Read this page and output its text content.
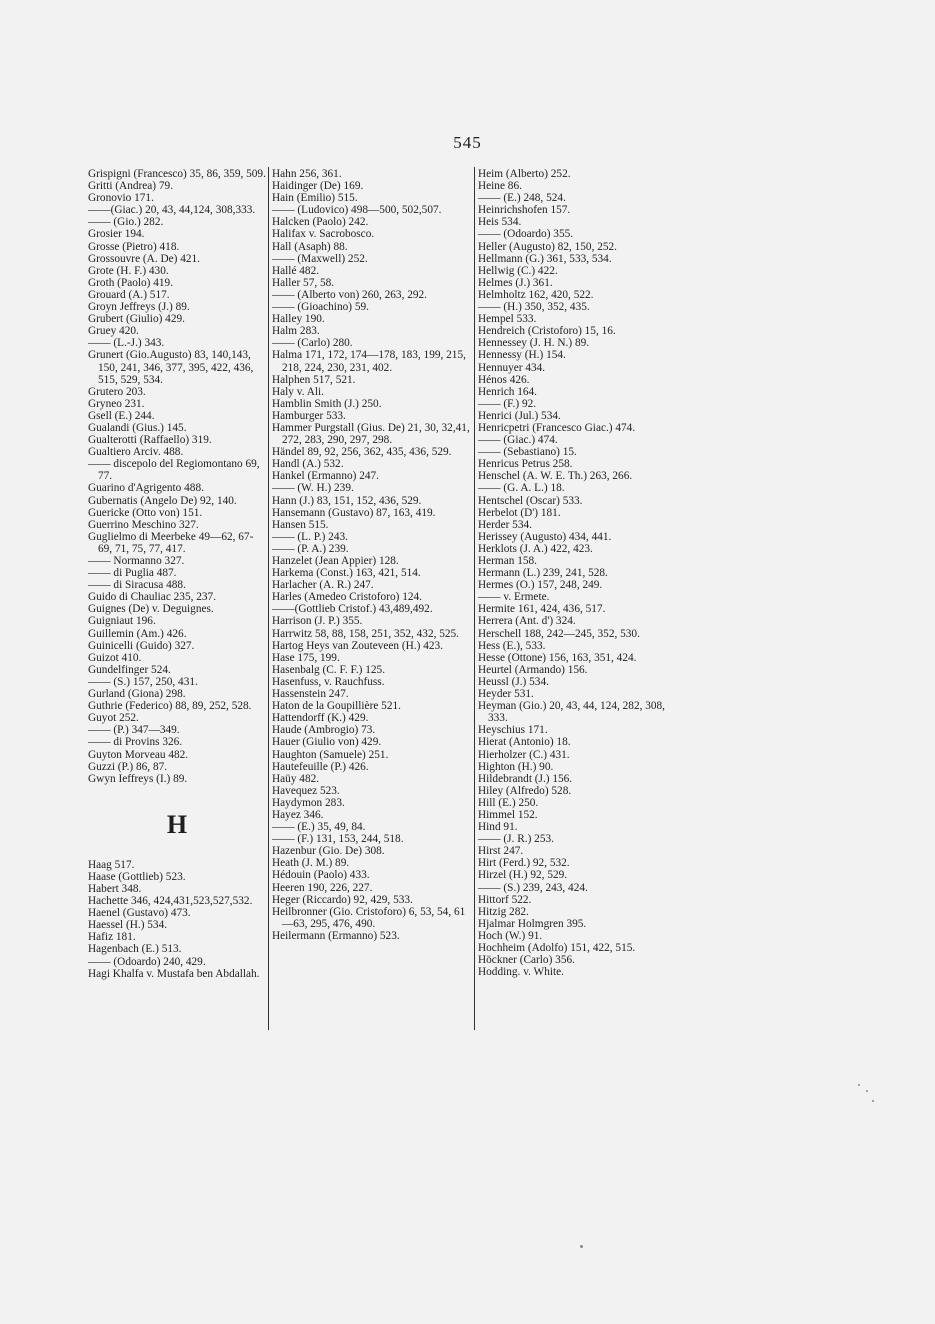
545
Grispigni (Francesco) 35, 86, 359, 509.
Gritti (Andrea) 79.
Gronovio 171.
——(Giac.) 20, 43, 44,124, 308,333.
—— (Gio.) 282.
Grosier 194.
Grosse (Pietro) 418.
Grossouvre (A. De) 421.
Grote (H. F.) 430.
Groth (Paolo) 419.
Grouard (A.) 517.
Groyn Jeffreys (J.) 89.
Grubert (Giulio) 429.
Gruey 420.
—— (L.-J.) 343.
Grunert (Gio.Augusto) 83, 140,143, 150, 241, 346, 377, 395, 422, 436, 515, 529, 534.
Grutero 203.
Gryneo 231.
Gsell (E.) 244.
Gualandi (Gius.) 145.
Gualterotti (Raffaello) 319.
Gualtiero Arciv. 488.
—— discepolo del Regiomontano 69, 77.
Guarino d'Agrigento 488.
Gubernatis (Angelo De) 92, 140.
Guericke (Otto von) 151.
Guerrino Meschino 327.
Guglielmo di Meerbeke 49—62, 67-69, 71, 75, 77, 417.
—— Normanno 327.
—— di Puglia 487.
—— di Siracusa 488.
Guido di Chauliac 235, 237.
Guignes (De) v. Deguignes.
Guigniaut 196.
Guillemin (Am.) 426.
Guinicelli (Guido) 327.
Guizot 410.
Gundelfinger 524.
—— (S.) 157, 250, 431.
Gurland (Giona) 298.
Guthrie (Federico) 88, 89, 252, 528.
Guyot 252.
—— (P.) 347—349.
—— di Provins 326.
Guyton Morveau 482.
Guzzi (P.) 86, 87.
Gwyn Ieffreys (I.) 89.
H
Haag 517.
Haase (Gottlieb) 523.
Habert 348.
Hachette 346, 424,431,523,527,532.
Haenel (Gustavo) 473.
Haessel (H.) 534.
Hafiz 181.
Hagenbach (E.) 513.
—— (Odoardo) 240, 429.
Hagi Khalfa v. Mustafa ben Abdallah.
Hahn 256, 361.
Haidinger (De) 169.
Hain (Emilio) 515.
—— (Ludovico) 498—500, 502,507.
Halcken (Paolo) 242.
Halifax v. Sacrobosco.
Hall (Asaph) 88.
—— (Maxwell) 252.
Hallé 482.
Haller 57, 58.
—— (Alberto von) 260, 263, 292.
—— (Gioachino) 59.
Halley 190.
Halm 283.
—— (Carlo) 280.
Halma 171, 172, 174—178, 183, 199, 215, 218, 224, 230, 231, 402.
Halphen 517, 521.
Haly v. Ali.
Hamblin Smith (J.) 250.
Hamburger 533.
Hammer Purgstall (Gius. De) 21, 30, 32,41, 272, 283, 290, 297, 298.
Händel 89, 92, 256, 362, 435, 436, 529.
Handl (A.) 532.
Hankel (Ermanno) 247.
—— (W. H.) 239.
Hann (J.) 83, 151, 152, 436, 529.
Hansemann (Gustavo) 87, 163, 419.
Hansen 515.
—— (L. P.) 243.
—— (P. A.) 239.
Hanzelet (Jean Appier) 128.
Harkema (Const.) 163, 421, 514.
Harlacher (A. R.) 247.
Harles (Amedeo Cristoforo) 124.
——(Gottlieb Cristof.) 43,489,492.
Harrison (J. P.) 355.
Harrwitz 58, 88, 158, 251, 352, 432, 525.
Hartog Heys van Zouteveen (H.) 423.
Hase 175, 199.
Hasenbalg (C. F. F.) 125.
Hasenfuss, v. Rauchfuss.
Hassenstein 247.
Haton de la Goupillière 521.
Hattendorff (K.) 429.
Haude (Ambrogio) 73.
Hauer (Giulio von) 429.
Haughton (Samuele) 251.
Hautefeuille (P.) 426.
Haüy 482.
Havequez 523.
Haydymon 283.
Hayez 346.
—— (E.) 35, 49, 84.
—— (F.) 131, 153, 244, 518.
Hazenbur (Gio. De) 308.
Heath (J. M.) 89.
Hédouin (Paolo) 433.
Heeren 190, 226, 227.
Heger (Riccardo) 92, 429, 533.
Heilbronner (Gio. Cristoforo) 6, 53, 54, 61—63, 295, 476, 490.
Heilermann (Ermanno) 523.
Heim (Alberto) 252.
Heine 86.
—— (E.) 248, 524.
Heinrichshofen 157.
Heis 534.
—— (Odoardo) 355.
Heller (Augusto) 82, 150, 252.
Hellmann (G.) 361, 533, 534.
Hellwig (C.) 422.
Helmes (J.) 361.
Helmholtz 162, 420, 522.
—— (H.) 350, 352, 435.
Hempel 533.
Hendreich (Cristoforo) 15, 16.
Hennessey (J. H. N.) 89.
Hennessy (H.) 154.
Hennuyer 434.
Hénos 426.
Henrich 164.
—— (F.) 92.
Henrici (Jul.) 534.
Henricpetri (Francesco Giac.) 474.
—— (Giac.) 474.
—— (Sebastiano) 15.
Henricus Petrus 258.
Henschel (A. W. E. Th.) 263, 266.
—— (G. A. L.) 18.
Hentschel (Oscar) 533.
Herbelot (D') 181.
Herder 534.
Herissey (Augusto) 434, 441.
Herklots (J. A.) 422, 423.
Herman 158.
Hermann (L.) 239, 241, 528.
Hermes (O.) 157, 248, 249.
—— v. Ermete.
Hermite 161, 424, 436, 517.
Herrera (Ant. d') 324.
Herschell 188, 242—245, 352, 530.
Hess (E.), 533.
Hesse (Ottone) 156, 163, 351, 424.
Heurtel (Armando) 156.
Heussl (J.) 534.
Heyder 531.
Heyman (Gio.) 20, 43, 44, 124, 282, 308, 333.
Heyschius 171.
Hierat (Antonio) 18.
Hierholzer (C.) 431.
Highton (H.) 90.
Hildebrandt (J.) 156.
Hiley (Alfredo) 528.
Hill (E.) 250.
Himmel 152.
Hind 91.
—— (J. R.) 253.
Hirst 247.
Hirt (Ferd.) 92, 532.
Hirzel (H.) 92, 529.
—— (S.) 239, 243, 424.
Hittorf 522.
Hitzig 282.
Hjalmar Holmgren 395.
Hoch (W.) 91.
Hochheim (Adolfo) 151, 422, 515.
Höckner (Carlo) 356.
Hodding. v. White.
